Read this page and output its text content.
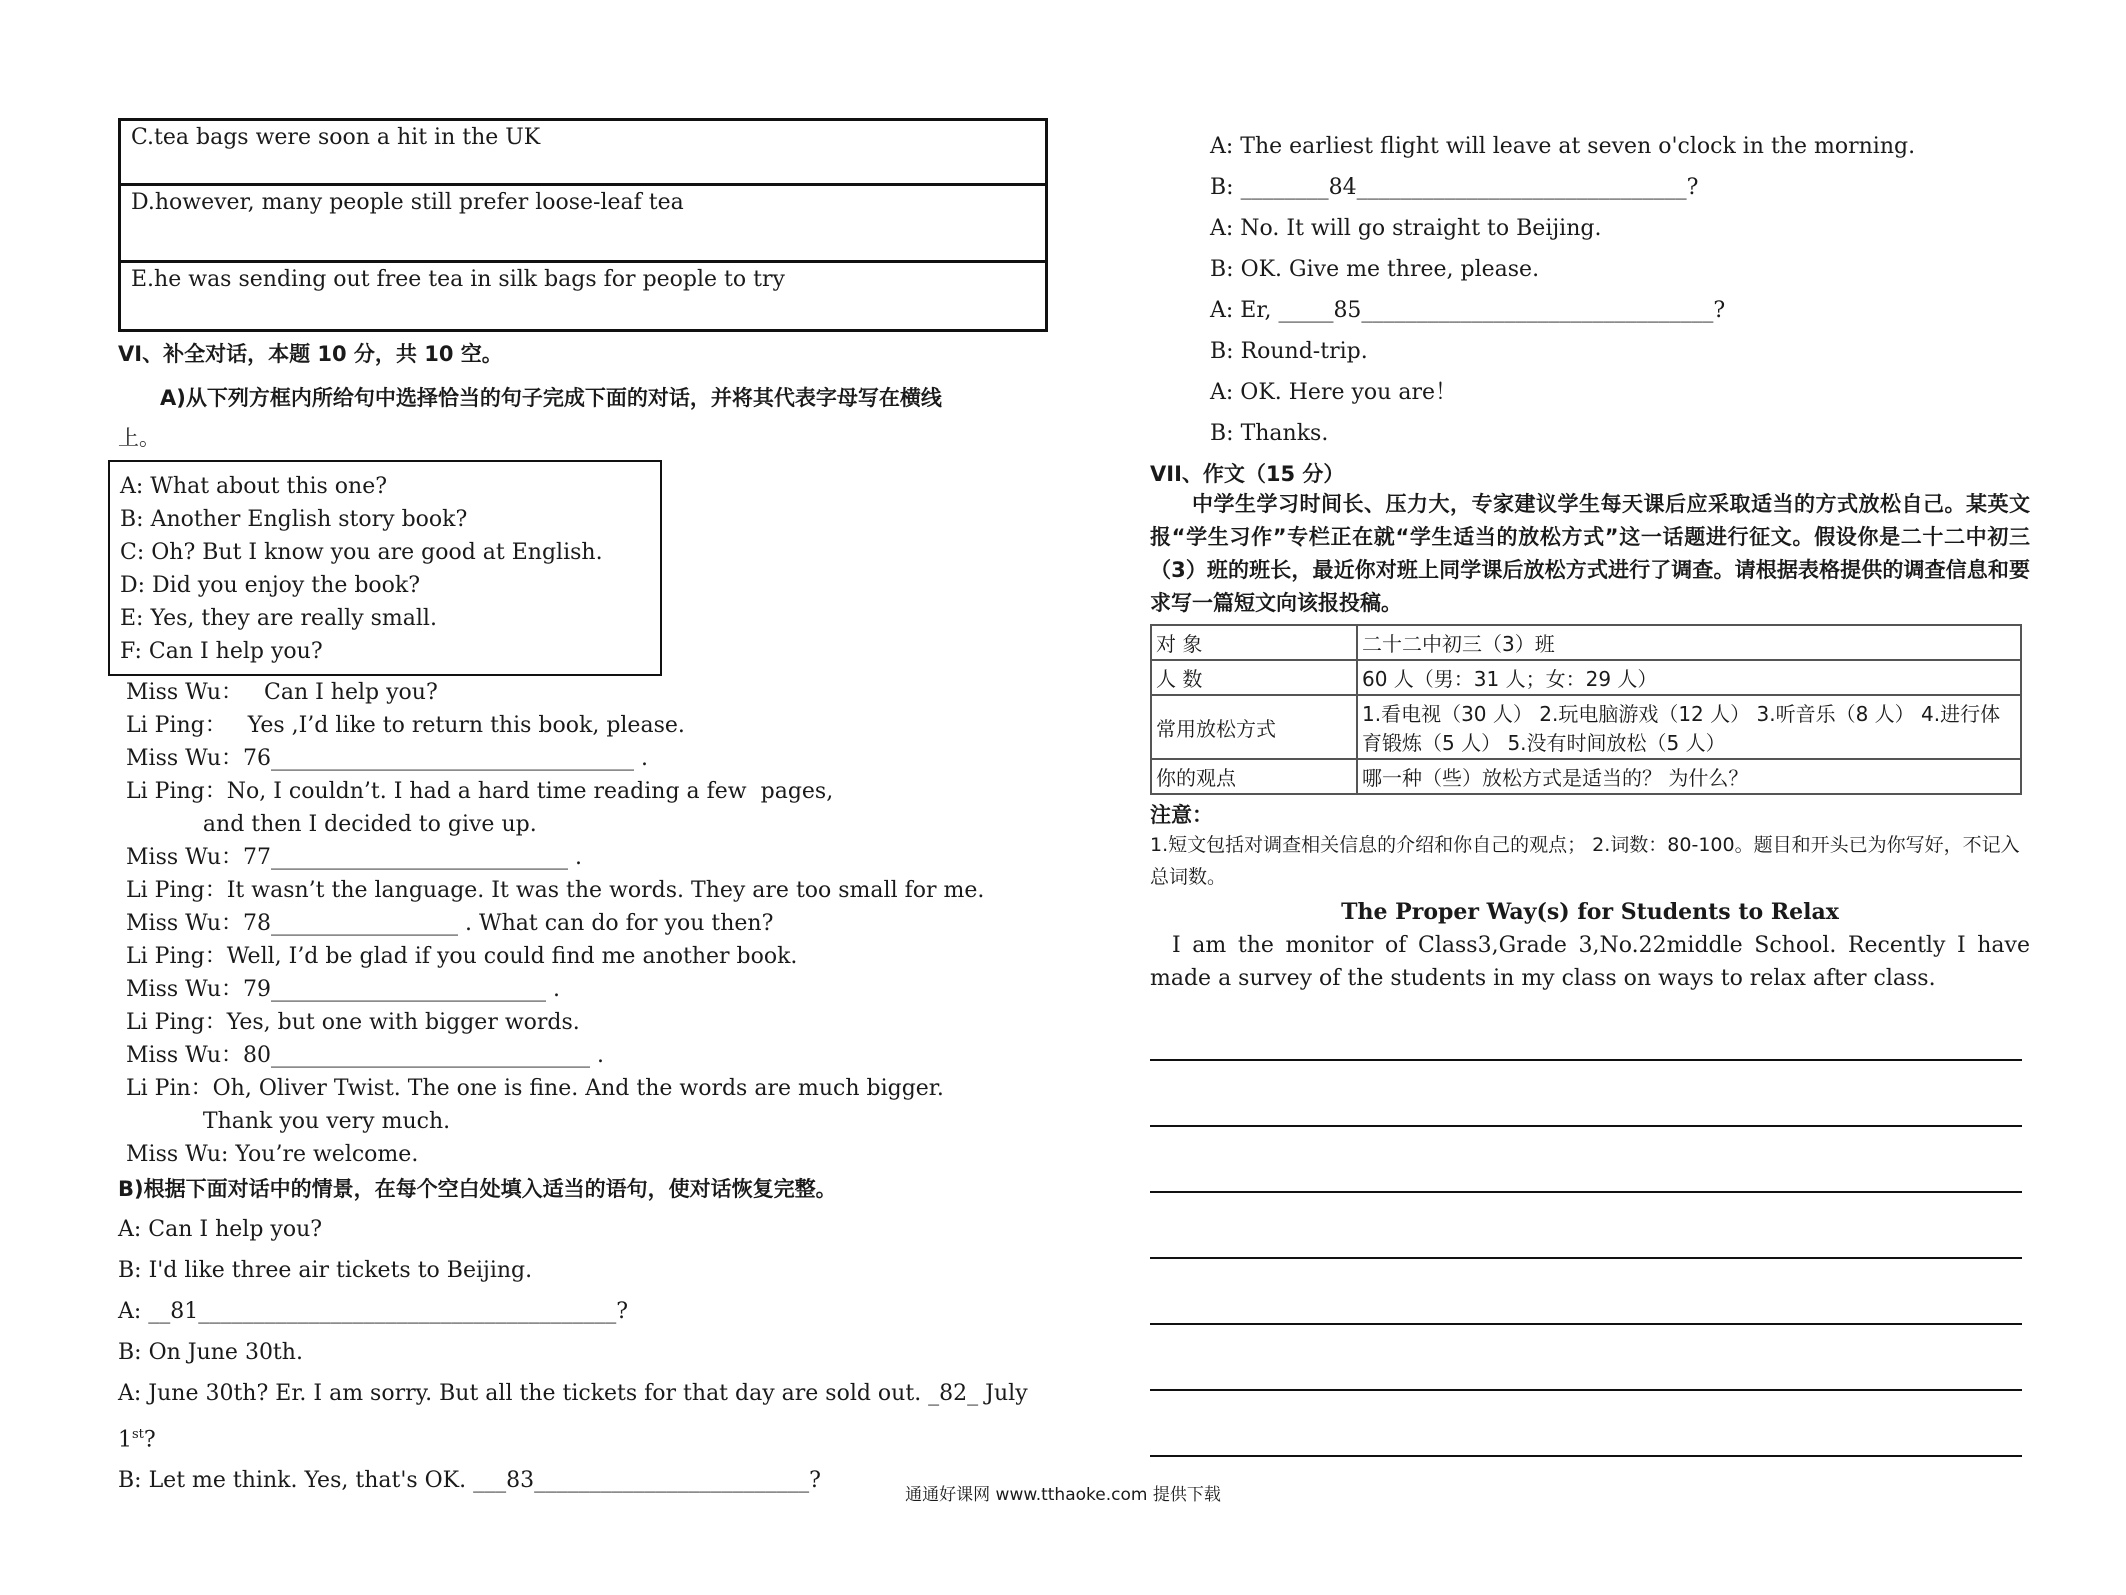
C.tea bags were soon a hit in the UK
D.however, many people still prefer loose-leaf tea
E.he was sending out free tea in silk bags for people to try
VI、补全对话，本题 10 分，共 10 空。
A)从下列方框内所给句中选择恰当的句子完成下面的对话，并将其代表字母写在横线
上。
A: What about this one?
B: Another English story book?
C: Oh? But I know you are good at English.
D: Did you enjoy the book?
E: Yes, they are really small.
F: Can I help you?
Miss Wu：   Can I help you?
Li Ping：   Yes ,I’d like to return this book, please.
Miss Wu：76_________________________________ .
Li Ping：No, I couldn’t. I had a hard time reading a few  pages,
and then I decided to give up.
Miss Wu：77___________________________ .
Li Ping：It wasn’t the language. It was the words. They are too small for me.
Miss Wu：78_________________ . What can do for you then?
Li Ping：Well, I’d be glad if you could find me another book.
Miss Wu：79_________________________ .
Li Ping：Yes, but one with bigger words.
Miss Wu：80_____________________________ .
Li Pin：Oh, Oliver Twist. The one is fine. And the words are much bigger.
Thank you very much.
Miss Wu: You’re welcome.
B)根据下面对话中的情景，在每个空白处填入适当的语句，使对话恢复完整。
A: Can I help you?
B: I'd like three air tickets to Beijing.
A: __81______________________________________?
B: On June 30th.
A: June 30th? Er. I am sorry. But all the tickets for that day are sold out. _82_ July
1st?
B: Let me think. Yes, that's OK. ___83_________________________?
A: The earliest flight will leave at seven o'clock in the morning.
B: ________84______________________________?
A: No. It will go straight to Beijing.
B: OK. Give me three, please.
A: Er, _____85________________________________?
B: Round-trip.
A: OK. Here you are！
B: Thanks.
VII、作文（15 分）
中学生学习时间长、压力大，专家建议学生每天课后应采取适当的方式放松自己。某英文报“学生习作”专栏正在就“学生适当的放松方式”这一话题进行征文。假设你是二十二中初三（3）班的班长，最近你对班上同学课后放松方式进行了调查。请根据表格提供的调查信息和要求写一篇短文向该报投稿。
对 象	二十二中初三（3）班
人 数	60 人（男：31 人；女：29 人）
常用放松方式	1.看电视（30 人） 2.玩电脑游戏（12 人） 3.听音乐（8 人） 4.进行体育锻炼（5 人） 5.没有时间放松（5 人）
你的观点	哪一种（些）放松方式是适当的？ 为什么？
注意：
1.短文包括对调查相关信息的介绍和你自己的观点； 2.词数：80-100。题目和开头已为你写好，不记入总词数。
The Proper Way(s) for Students to Relax
I am the monitor of Class3,Grade 3,No.22middle School. Recently I have made a survey of the students in my class on ways to relax after class.
通通好课网 www.tthaoke.com 提供下载
